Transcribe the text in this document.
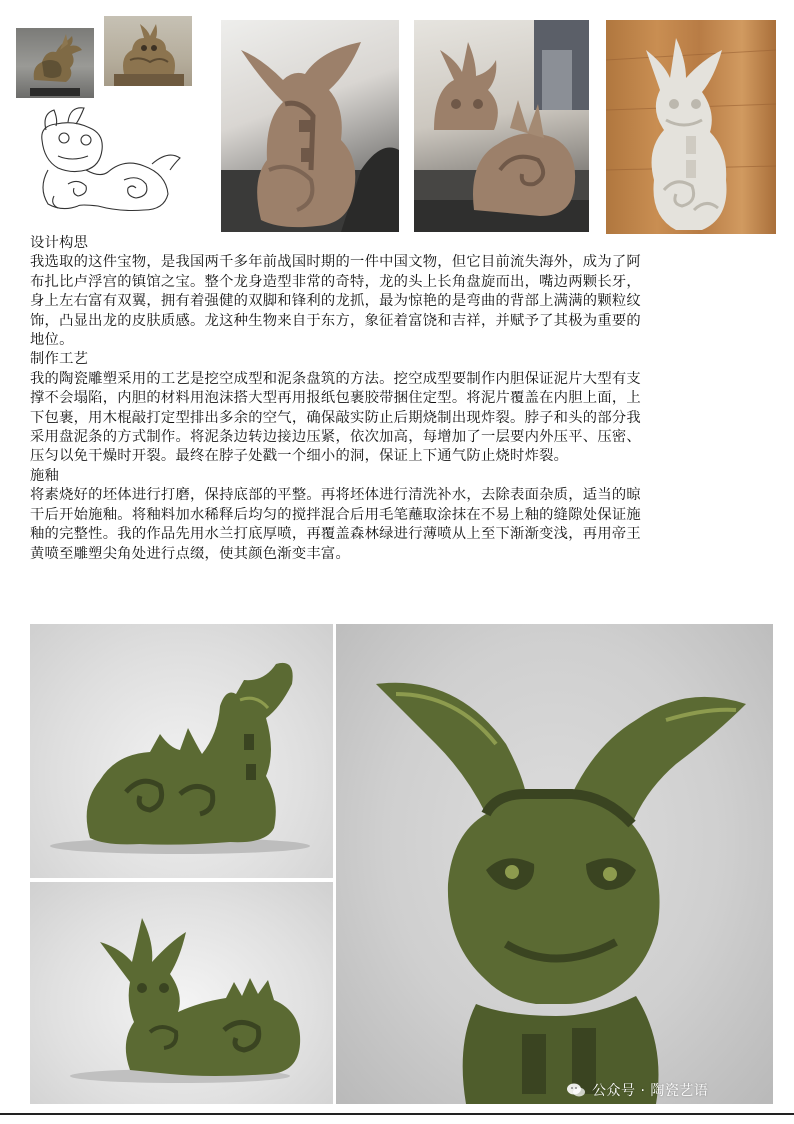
设计构思

我选取的这件宝物，是我国两千多年前战国时期的一件中国文物，但它目前流失海外，成为了阿

布扎比卢浮宫的镇馆之宝。整个龙身造型非常的奇特，龙的头上长角盘旋而出，嘴边两颗长牙，

身上左右富有双翼，拥有着强健的双脚和锋利的龙抓，最为惊艳的是弯曲的背部上满满的颗粒纹

饰，凸显出龙的皮肤质感。龙这种生物来自于东方，象征着富饶和吉祥，并赋予了其极为重要的

地位。

制作工艺

我的陶瓷雕塑采用的工艺是挖空成型和泥条盘筑的方法。挖空成型要制作内胆保证泥片大型有支

撑不会塌陷，内胆的材料用泡沫搭大型再用报纸包裹胶带捆住定型。将泥片覆盖在内胆上面，上

下包裹，用木棍敲打定型排出多余的空气，确保敲实防止后期烧制出现炸裂。脖子和头的部分我

采用盘泥条的方式制作。将泥条边转边接边压紧，依次加高，每增加了一层要内外压平、压密、

压匀以免干燥时开裂。最终在脖子处戳一个细小的洞，保证上下通气防止烧时炸裂。

施釉

将素烧好的坯体进行打磨，保持底部的平整。再将坯体进行清洗补水，去除表面杂质，适当的晾

干后开始施釉。将釉料加水稀释后均匀的搅拌混合后用毛笔蘸取涂抹在不易上釉的缝隙处保证施

釉的完整性。我的作品先用水兰打底厚喷，再覆盖森林绿进行薄喷从上至下渐渐变浅，再用帝王

黄喷至雕塑尖角处进行点缀，使其颜色渐变丰富。

公众号 · 陶瓷艺语
